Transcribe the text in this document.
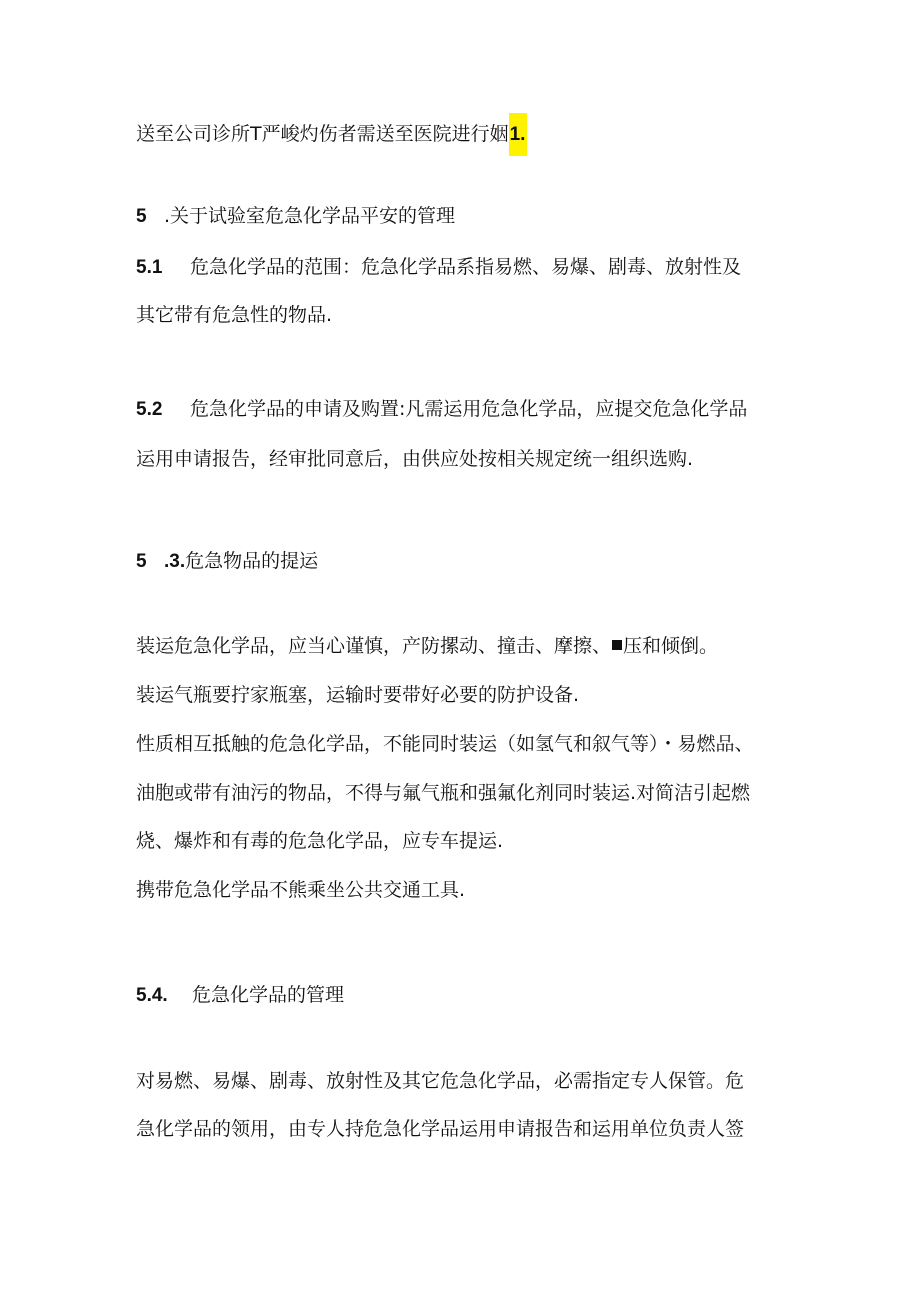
送至公司诊所T严峻灼伤者需送至医院进行姻1.
5 .关于试验室危急化学品平安的管理
5.1 危急化学品的范围：危急化学品系指易燃、易爆、剧毒、放射性及
其它带有危急性的物品.
5.2 危急化学品的申请及购置:凡需运用危急化学品，应提交危急化学品
运用申请报告，经审批同意后，由供应处按相关规定统一组织选购.
5 .3.危急物品的提运
装运危急化学品，应当心谨慎，产防摞动、撞击、摩擦、 压和倾倒。
装运气瓶要拧家瓶塞，运输时要带好必要的防护设备.
性质相互抵触的危急化学品，不能同时装运（如氢气和叙气等）・易燃品、
油胞或带有油污的物品，不得与氟气瓶和强氟化剂同时装运.对简洁引起燃
烧、爆炸和有毒的危急化学品，应专车提运.
携带危急化学品不熊乘坐公共交通工具.
5.4. 危急化学品的管理
对易燃、易爆、剧毒、放射性及其它危急化学品，必需指定专人保管。危
急化学品的领用，由专人持危急化学品运用申请报告和运用单位负责人签
